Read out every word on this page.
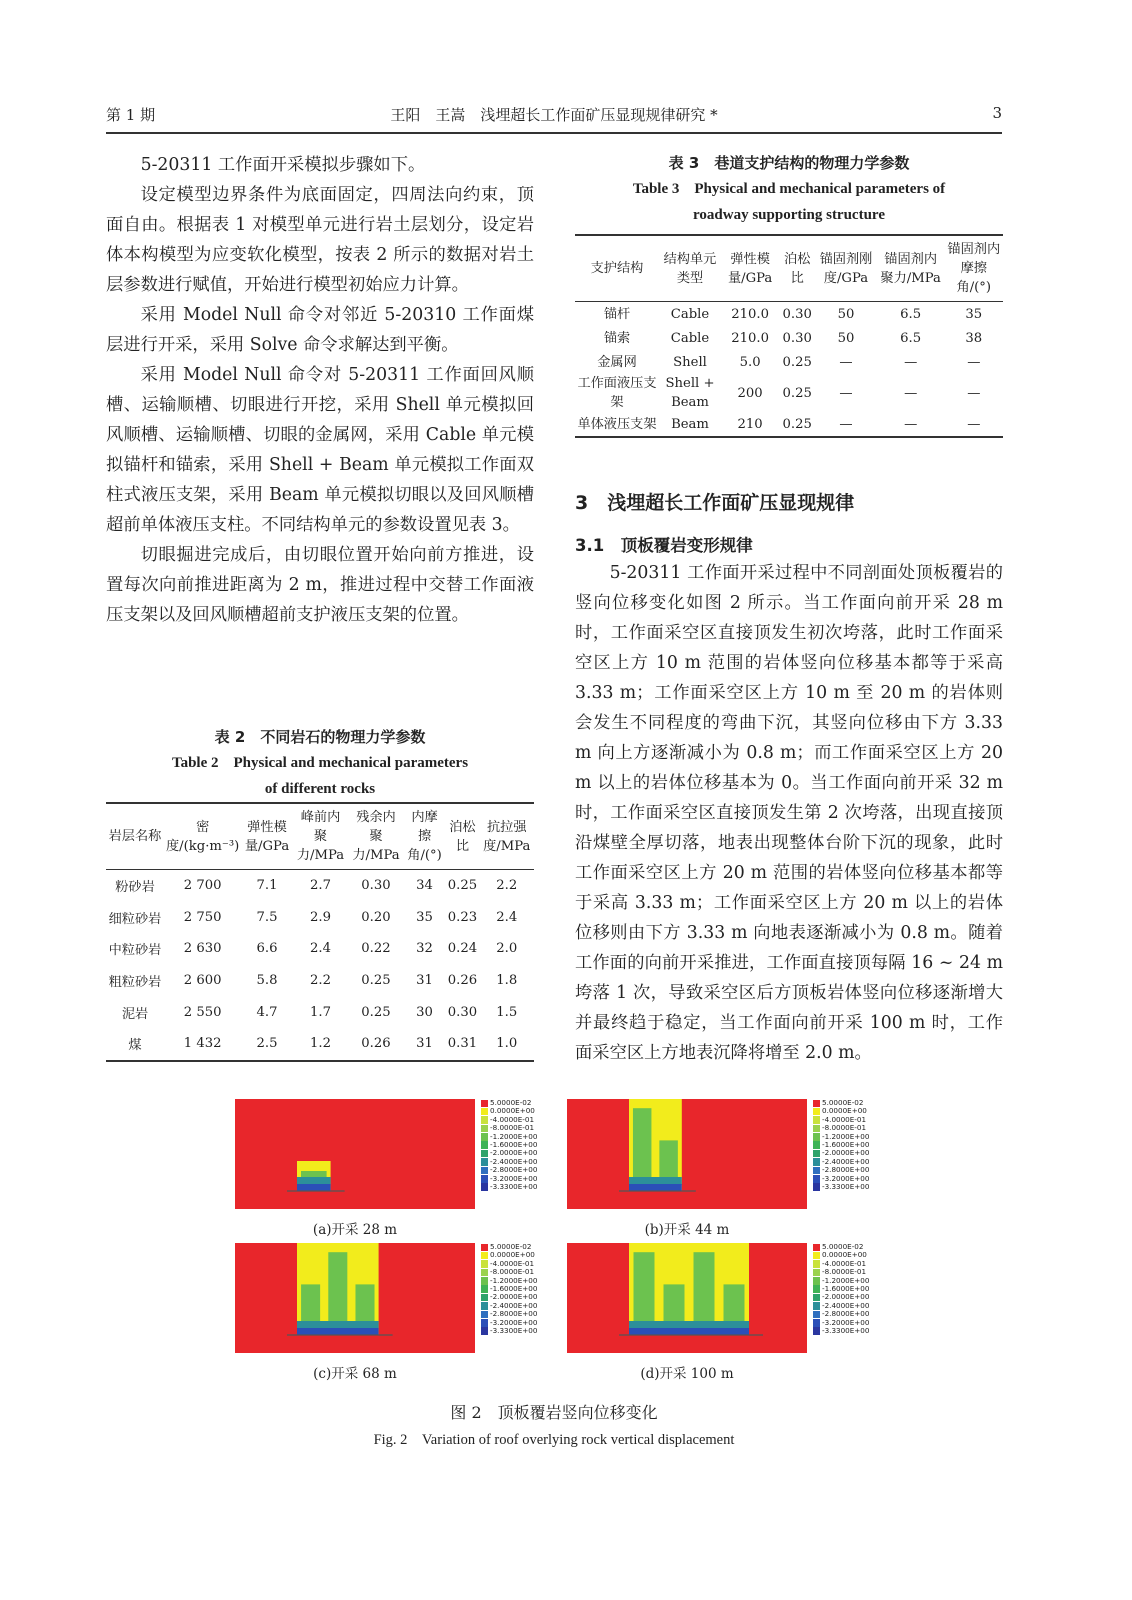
第 1 期	王阳　王嵩　浅埋超长工作面矿压显现规律研究 *	3

5-20311 工作面开采模拟步骤如下。

设定模型边界条件为底面固定，四周法向约束，顶面自由。根据表 1 对模型单元进行岩土层划分，设定岩体本构模型为应变软化模型，按表 2 所示的数据对岩土层参数进行赋值，开始进行模型初始应力计算。

采用 Model Null 命令对邻近 5-20310 工作面煤层进行开采，采用 Solve 命令求解达到平衡。

采用 Model Null 命令对 5-20311 工作面回风顺槽、运输顺槽、切眼进行开挖，采用 Shell 单元模拟回风顺槽、运输顺槽、切眼的金属网，采用 Cable 单元模拟锚杆和锚索，采用 Shell + Beam 单元模拟工作面双柱式液压支架，采用 Beam 单元模拟切眼以及回风顺槽超前单体液压支柱。不同结构单元的参数设置见表 3。

切眼掘进完成后，由切眼位置开始向前方推进，设置每次向前推进距离为 2 m，推进过程中交替工作面液压支架以及回风顺槽超前支护液压支架的位置。

表 2　不同岩石的物理力学参数
Table 2　Physical and mechanical parameters
of different rocks
岩层名称	密度/(kg·m⁻³)	弹性模量/GPa	峰前内聚力/MPa	残余内聚力/MPa	内摩擦角/(°)	泊松比	抗拉强度/MPa
粉砂岩	2 700	7.1	2.7	0.30	34	0.25	2.2
细粒砂岩	2 750	7.5	2.9	0.20	35	0.23	2.4
中粒砂岩	2 630	6.6	2.4	0.22	32	0.24	2.0
粗粒砂岩	2 600	5.8	2.2	0.25	31	0.26	1.8
泥岩	2 550	4.7	1.7	0.25	30	0.30	1.5
煤	1 432	2.5	1.2	0.26	31	0.31	1.0
表 3　巷道支护结构的物理力学参数
Table 3　Physical and mechanical parameters of
roadway supporting structure
支护结构	结构单元类型	弹性模量/GPa	泊松比	锚固剂刚度/GPa	锚固剂内聚力/MPa	锚固剂内摩擦角/(°)
锚杆	Cable	210.0	0.30	50	6.5	35
锚索	Cable	210.0	0.30	50	6.5	38
金属网	Shell	5.0	0.25	—	—	—
工作面液压支架	Shell + Beam	200	0.25	—	—	—
单体液压支架	Beam	210	0.25	—	—	—
3　浅埋超长工作面矿压显现规律
3.1　顶板覆岩变形规律

5-20311 工作面开采过程中不同剖面处顶板覆岩的竖向位移变化如图 2 所示。当工作面向前开采 28 m 时，工作面采空区直接顶发生初次垮落，此时工作面采空区上方 10 m 范围的岩体竖向位移基本都等于采高 3.33 m；工作面采空区上方 10 m 至 20 m 的岩体则会发生不同程度的弯曲下沉，其竖向位移由下方 3.33 m 向上方逐渐减小为 0.8 m；而工作面采空区上方 20 m 以上的岩体位移基本为 0。当工作面向前开采 32 m 时，工作面采空区直接顶发生第 2 次垮落，出现直接顶沿煤壁全厚切落，地表出现整体台阶下沉的现象，此时工作面采空区上方 20 m 范围的岩体竖向位移基本都等于采高 3.33 m；工作面采空区上方 20 m 以上的岩体位移则由下方 3.33 m 向地表逐渐减小为 0.8 m。随着工作面的向前开采推进，工作面直接顶每隔 16 ~ 24 m 垮落 1 次，导致采空区后方顶板岩体竖向位移逐渐增大并最终趋于稳定，当工作面向前开采 100 m 时，工作面采空区上方地表沉降将增至 2.0 m。

5.0000E-02
0.0000E+00
-4.0000E-01
-8.0000E-01
-1.2000E+00
-1.6000E+00
-2.0000E+00
-2.4000E+00
-2.8000E+00
-3.2000E+00
-3.3300E+00
(a)开采 28 m
5.0000E-02
0.0000E+00
-4.0000E-01
-8.0000E-01
-1.2000E+00
-1.6000E+00
-2.0000E+00
-2.4000E+00
-2.8000E+00
-3.2000E+00
-3.3300E+00
(b)开采 44 m
5.0000E-02
0.0000E+00
-4.0000E-01
-8.0000E-01
-1.2000E+00
-1.6000E+00
-2.0000E+00
-2.4000E+00
-2.8000E+00
-3.2000E+00
-3.3300E+00
(c)开采 68 m
5.0000E-02
0.0000E+00
-4.0000E-01
-8.0000E-01
-1.2000E+00
-1.6000E+00
-2.0000E+00
-2.4000E+00
-2.8000E+00
-3.2000E+00
-3.3300E+00
(d)开采 100 m
图 2　顶板覆岩竖向位移变化
Fig. 2　Variation of roof overlying rock vertical displacement
